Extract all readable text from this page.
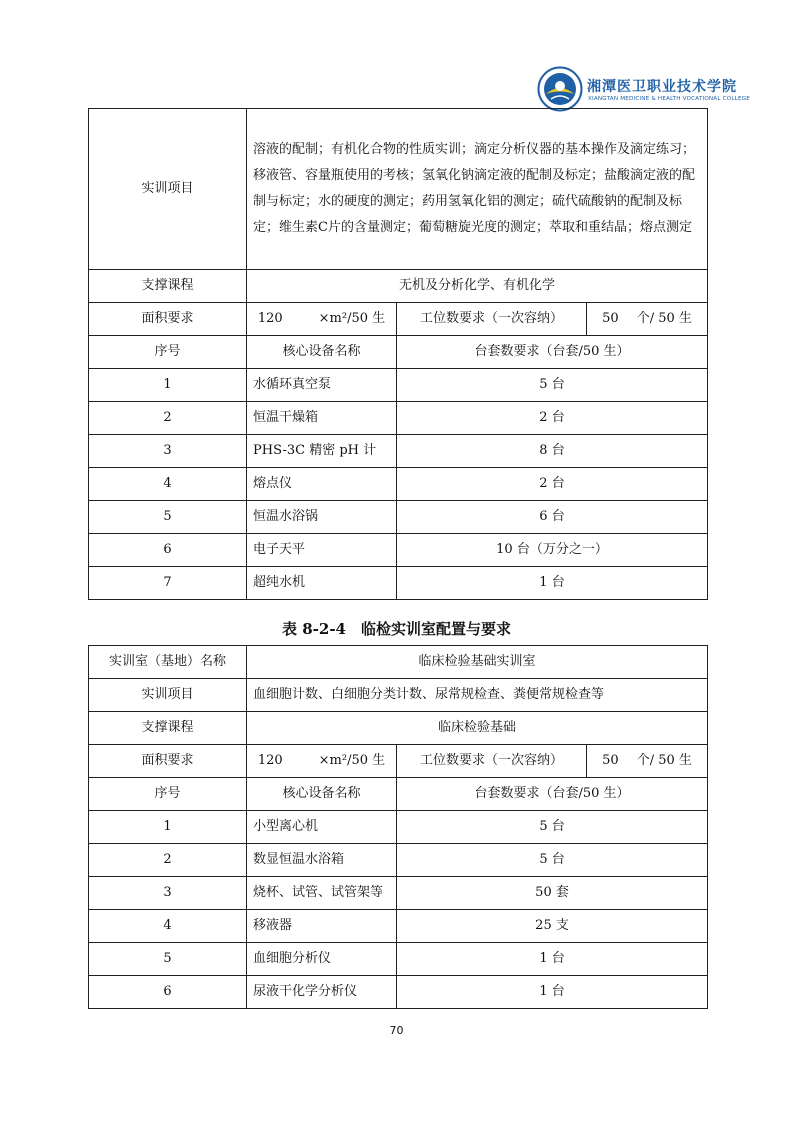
湘潭医卫职业技术学院
XIANGTAN MEDICINE & HEALTH VOCATIONAL COLLEGE
实训项目	溶液的配制；有机化合物的性质实训；滴定分析仪器的基本操作及滴定练习；移液管、容量瓶使用的考核；氢氧化钠滴定液的配制及标定；盐酸滴定液的配制与标定；水的硬度的测定；药用氢氧化铝的测定；硫代硫酸钠的配制及标定；维生素C片的含量测定；葡萄糖旋光度的测定；萃取和重结晶；熔点测定		
支撑课程	无机及分析化学、有机化学		
面积要求	120 ×m²/50 生	工位数要求（一次容纳）	50 个/ 50 生
序号	核心设备名称	台套数要求（台套/50 生）	
1	水循环真空泵	5 台	
2	恒温干燥箱	2 台	
3	PHS-3C 精密 pH 计	8 台	
4	熔点仪	2 台	
5	恒温水浴锅	6 台	
6	电子天平	10 台（万分之一）	
7	超纯水机	1 台	
表 8-2-4　临检实训室配置与要求
实训室（基地）名称	临床检验基础实训室		
实训项目	血细胞计数、白细胞分类计数、尿常规检查、粪便常规检查等		
支撑课程	临床检验基础		
面积要求	120 ×m²/50 生	工位数要求（一次容纳）	50 个/ 50 生
序号	核心设备名称	台套数要求（台套/50 生）	
1	小型离心机	5 台	
2	数显恒温水浴箱	5 台	
3	烧杯、试管、试管架等	50 套	
4	移液器	25 支	
5	血细胞分析仪	1 台	
6	尿液干化学分析仪	1 台	
70
